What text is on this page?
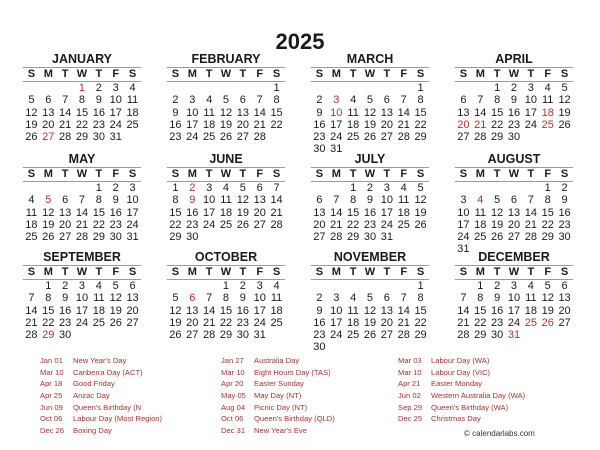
2025
JANUARY
S M T W T F S
1 2 3 4
5 6 7 8 9 10 11
12 13 14 15 16 17 18
19 20 21 22 23 24 25
26 27 28 29 30 31
FEBRUARY
S M T W T F S
1
2 3 4 5 6 7 8
9 10 11 12 13 14 15
16 17 18 19 20 21 22
23 24 25 26 27 28
MARCH
S M T W T F S
1
2 3 4 5 6 7 8
9 10 11 12 13 14 15
16 17 18 19 20 21 22
23 24 25 26 27 28 29
30 31
APRIL
S M T W T F S
1 2 3 4 5
6 7 8 9 10 11 12
13 14 15 16 17 18 19
20 21 22 23 24 25 26
27 28 29 30
MAY
S M T W T F S
1 2 3
4 5 6 7 8 9 10
11 12 13 14 15 16 17
18 19 20 21 22 23 24
25 26 27 28 29 30 31
JUNE
S M T W T F S
1 2 3 4 5 6 7
8 9 10 11 12 13 14
15 16 17 18 19 20 21
22 23 24 25 26 27 28
29 30
JULY
S M T W T F S
1 2 3 4 5
6 7 8 9 10 11 12
13 14 15 16 17 18 19
20 21 22 23 24 25 26
27 28 29 30 31
AUGUST
S M T W T F S
1 2
3 4 5 6 7 8 9
10 11 12 13 14 15 16
17 18 19 20 21 22 23
24 25 26 27 28 29 30
31
SEPTEMBER
S M T W T F S
1 2 3 4 5 6
7 8 9 10 11 12 13
14 15 16 17 18 19 20
21 22 23 24 25 26 27
28 29 30
OCTOBER
S M T W T F S
1 2 3 4
5 6 7 8 9 10 11
12 13 14 15 16 17 18
19 20 21 22 23 24 25
26 27 28 29 30 31
NOVEMBER
S M T W T F S
1
2 3 4 5 6 7 8
9 10 11 12 13 14 15
16 17 18 19 20 21 22
23 24 25 26 27 28 29
30
DECEMBER
S M T W T F S
1 2 3 4 5 6
7 8 9 10 11 12 13
14 15 16 17 18 19 20
21 22 23 24 25 26 27
28 29 30 31
Jan 01 New Year's Day
Mar 10 Canberra Day (ACT)
Apr 18 Good Friday
Apr 25 Anzac Day
Jun 09 Queen's Birthday (N
Oct 06 Labour Day (Most Region)
Dec 26 Boxing Day
Jan 27 Australia Day
Mar 10 Eight Hours Day (TAS)
Apr 20 Easter Sunday
May 05 May Day (NT)
Aug 04 Picnic Day (NT)
Oct 06 Queen's Birthday (QLD)
Dec 31 New Year's Eve
Mar 03 Labour Day (WA)
Mar 10 Labour Day (VIC)
Apr 21 Easter Monday
Jun 02 Western Australia Day (WA)
Sep 29 Queen's Birthday (WA)
Dec 25 Christmas Day
© calendarlabs.com
